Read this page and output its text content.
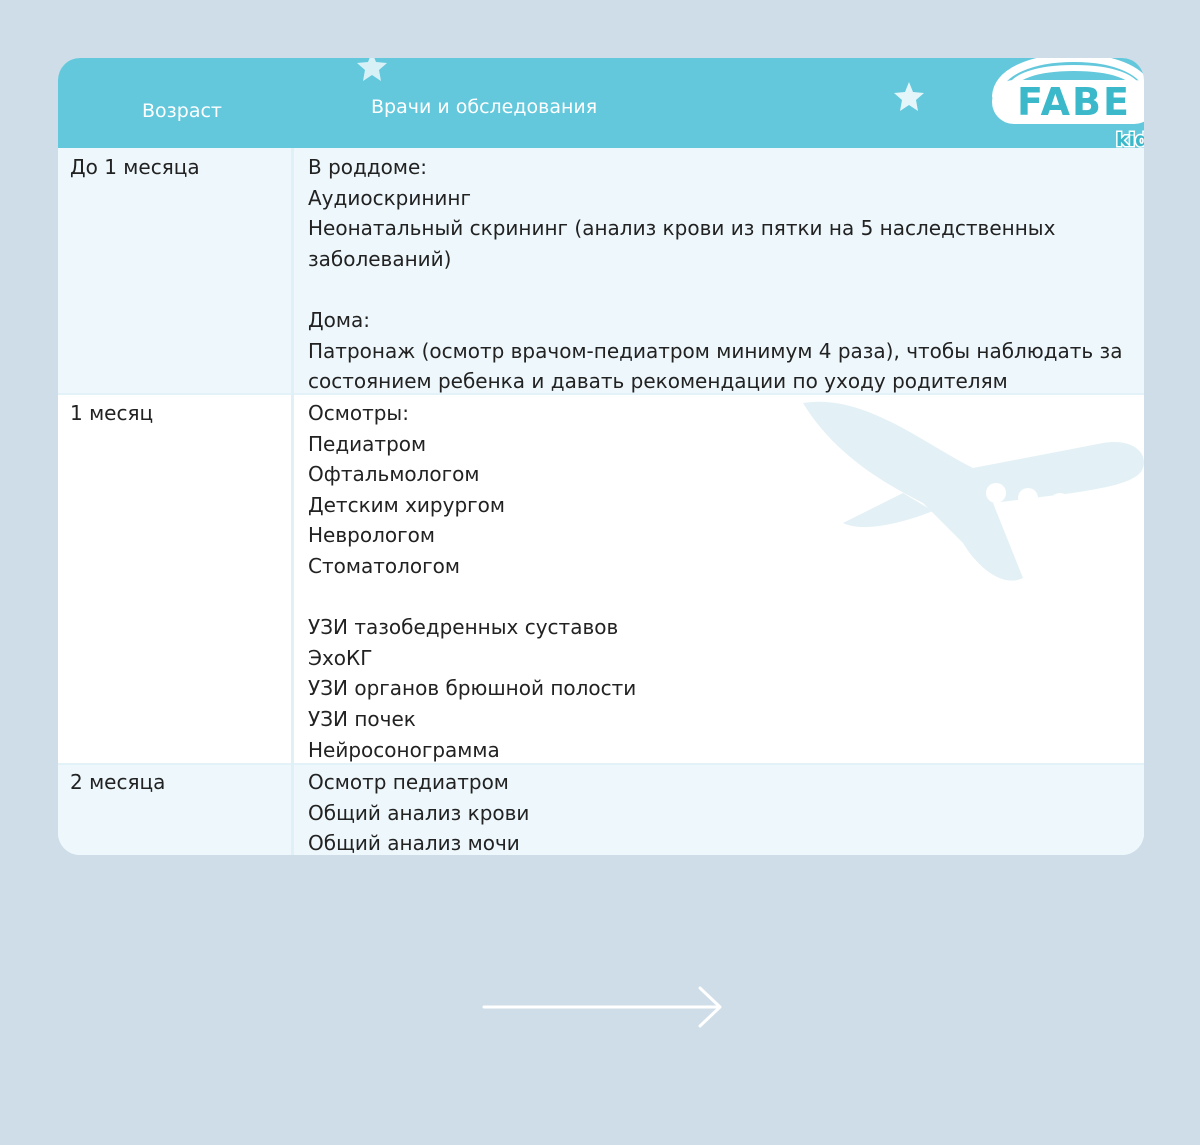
Возраст	Врачи и обследования	FABE
kids
До 1 месяца	В роддоме:
Аудиоскрининг
Неонатальный скрининг (анализ крови из пятки на 5 наследственных
заболеваний)
Дома:
Патронаж (осмотр врачом-педиатром минимум 4 раза), чтобы наблюдать за
состоянием ребенка и давать рекомендации по уходу родителям
1 месяц	Осмотры:
Педиатром
Офтальмологом
Детским хирургом
Неврологом
Стоматологом
УЗИ тазобедренных суставов
ЭхоКГ
УЗИ органов брюшной полости
УЗИ почек
Нейросонограмма
2 месяца	Осмотр педиатром
Общий анализ крови
Общий анализ мочи
